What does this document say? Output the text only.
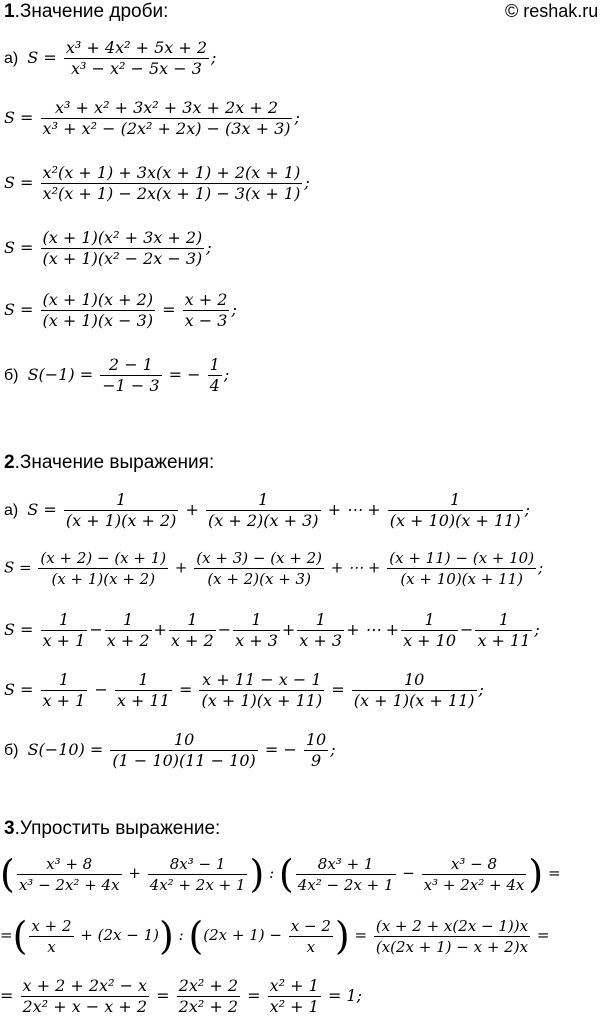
1.Значение дроби:	© reshak.ru
а) $S = \frac{\text{x³ + 4x² + 5x + 2}}{\text{x³ − x² − 5x − 3}}$ ;
$S = \frac{\text{x³ + x² + 3x² + 3x + 2x + 2}}{\text{x³ + x² − (2x² + 2x) − (3x + 3)}}$ ;
$S = \frac{\text{x²(x + 1) + 3x(x + 1) + 2(x + 1)}}{\text{x²(x + 1) − 2x(x + 1) − 3(x + 1)}}$ ;
$S = \frac{\text{(x + 1)(x² + 3x + 2)}}{\text{(x + 1)(x² − 2x − 3)}}$ ;
$S = \frac{(x + 1)(x + 2)}{(x + 1)(x - 3)} = \frac{x + 2}{x - 3}$ ;
б) $S(-1) = \frac{2 - 1}{-1 - 3}$ = − $\frac{1}{4}$ ;
2.Значение выражения:
а) $S = \frac{1}{(x + 1)(x + 2)} + \frac{1}{(x + 2)(x + 3)}$ + ⋯ + $\frac{1}{(x + 10)(x + 11)}$ ;
$S = \frac{(x + 2) - (x + 1)}{(x + 1)(x + 2)} + \frac{(x + 3) - (x + 2)}{(x + 2)(x + 3)}$ + ⋯ + $\frac{(x + 11) - (x + 10)}{(x + 10)(x + 11)}$ ;
$S = \frac{1}{x + 1} - \frac{1}{x + 2} + \frac{1}{x + 2} - \frac{1}{x + 3} + \frac{1}{x + 3}$ + ⋯ + $\frac{1}{x + 10} - \frac{1}{x + 11}$ ;
$S = \frac{1}{x + 1} - \frac{1}{x + 11} = \frac{x + 11 - x - 1}{(x + 1)(x + 11)} = \frac{10}{(x + 1)(x + 11)}$ ;
б) $S(-10) = \frac{10}{(1 - 10)(11 - 10)}$ = − $\frac{10}{9}$ ;
3.Упростить выражение:
( $\frac{\text{x³ + 8}}{\text{x³ − 2x² + 4x}} + \frac{\text{8x³ − 1}}{\text{4x² + 2x + 1}}$ ) : ( $\frac{\text{8x³ + 1}}{\text{4x² − 2x + 1}} - \frac{\text{x³ − 8}}{\text{x³ + 2x² + 4x}}$ ) =
=( $\frac{x + 2}{x} + (2x - 1)$) : ($(2x + 1) - \frac{x - 2}{x}$ ) = $\frac{(x + 2 + x(2x - 1))x}{(x(2x + 1) - x + 2)x}$ =
= $\frac{\text{x + 2 + 2x² − x}}{\text{2x² + x − x + 2}} = \frac{\text{2x² + 2}}{\text{2x² + 2}} = \frac{\text{x² + 1}}{\text{x² + 1}} = 1$;
